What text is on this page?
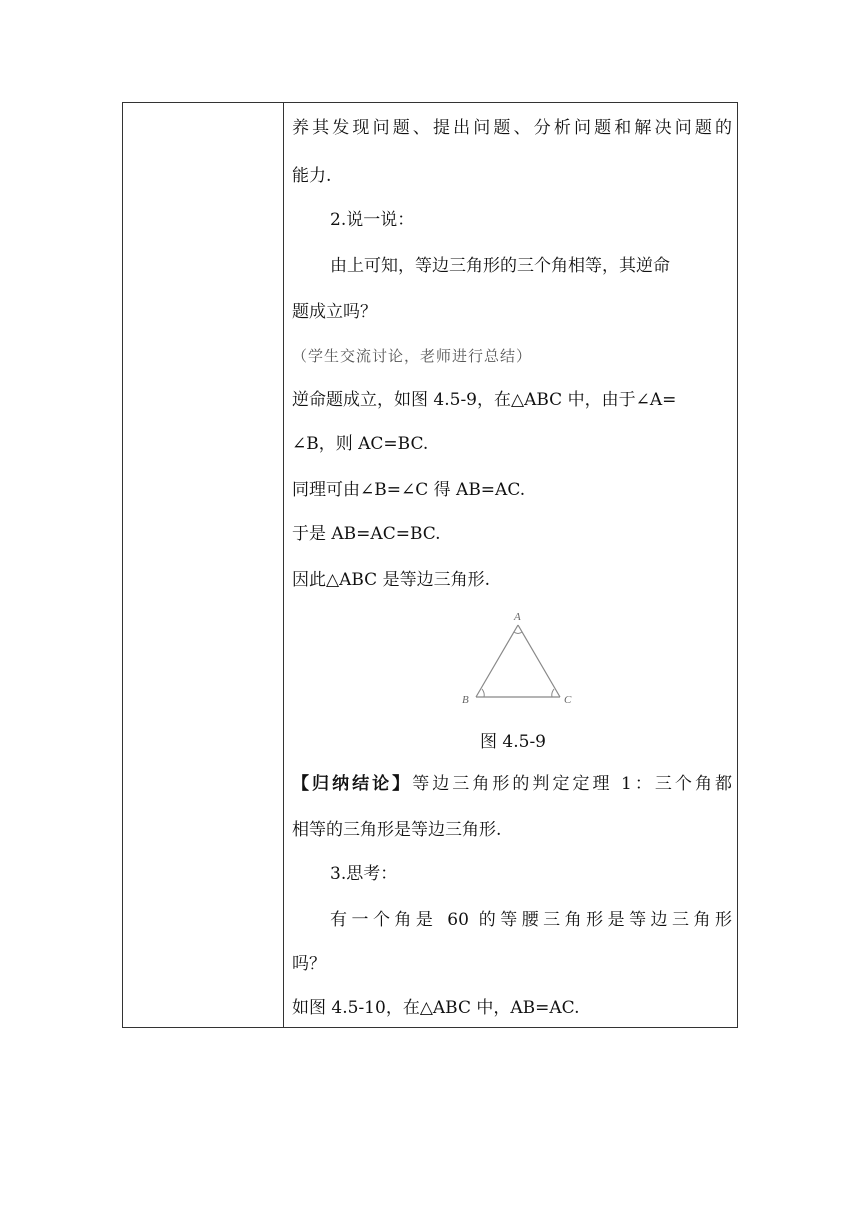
养其发现问题、提出问题、分析问题和解决问题的
能力.
2.说一说：
由上可知，等边三角形的三个角相等，其逆命
题成立吗？
（学生交流讨论，老师进行总结）
逆命题成立，如图 4.5-9，在△ABC 中，由于∠A=
∠B，则 AC=BC.
同理可由∠B=∠C 得 AB=AC.
于是 AB=AC=BC.
因此△ABC 是等边三角形.
A
B	C
图 4.5-9
【归纳结论】等边三角形的判定定理 1：三个角都
相等的三角形是等边三角形.
3.思考：
有一个角是 60 的等腰三角形是等边三角形
吗？
如图 4.5-10，在△ABC 中，AB=AC.
